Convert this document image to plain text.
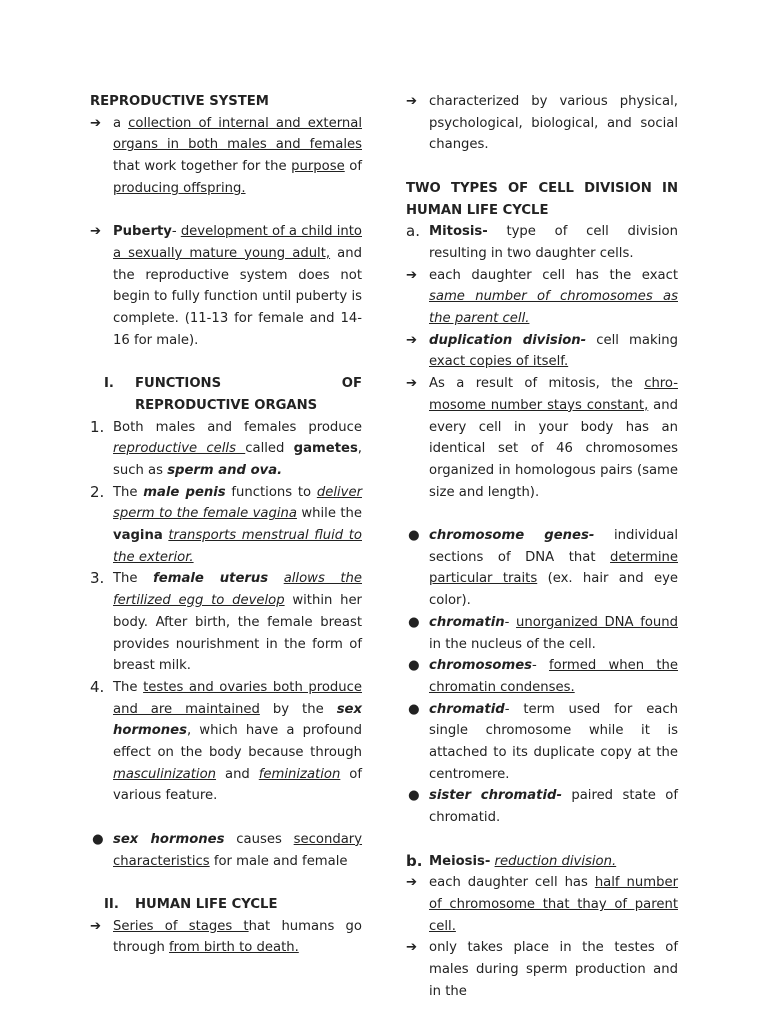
REPRODUCTIVE SYSTEM

➔ a collection of internal and external organs in both males and females that work together for the purpose of producing offspring.

➔ Puberty- development of a child into a sexually mature young adult, and the reproductive system does not begin to fully function until puberty is complete. (11-13 for female and 14-16 for male).

I. FUNCTIONS OF REPRODUCTIVE ORGANS

1. Both males and females produce reproductive cells called gametes, such as sperm and ova.

2. The male penis functions to deliver sperm to the female vagina while the vagina transports menstrual fluid to the exterior.

3. The female uterus allows the fertilized egg to develop within her body. After birth, the female breast provides nourishment in the form of breast milk.

4. The testes and ovaries both produce and are maintained by the sex hormones, which have a profound effect on the body because through masculinization and feminization of various feature.

● sex hormones causes secondary characteristics for male and female

II. HUMAN LIFE CYCLE

➔ Series of stages that humans go through from birth to death.

➔ characterized by various physical, psychological, biological, and social changes.

TWO TYPES OF CELL DIVISION IN HUMAN LIFE CYCLE

a. Mitosis- type of cell division resulting in two daughter cells.

➔ each daughter cell has the exact same number of chromosomes as the parent cell.

➔ duplication division- cell making exact copies of itself.

➔ As a result of mitosis, the chro- mosome number stays constant, and every cell in your body has an identical set of 46 chromosomes organized in homologous pairs (same size and length).

● chromosome genes- individual sections of DNA that determine particular traits (ex. hair and eye color).

● chromatin- unorganized DNA found in the nucleus of the cell.

● chromosomes- formed when the chromatin condenses.

● chromatid- term used for each single chromosome while it is attached to its duplicate copy at the centromere.

● sister chromatid- paired state of chromatid.

b. Meiosis- reduction division.

➔ each daughter cell has half number of chromosome that thay of parent cell.

➔ only takes place in the testes of males during sperm production and in the
